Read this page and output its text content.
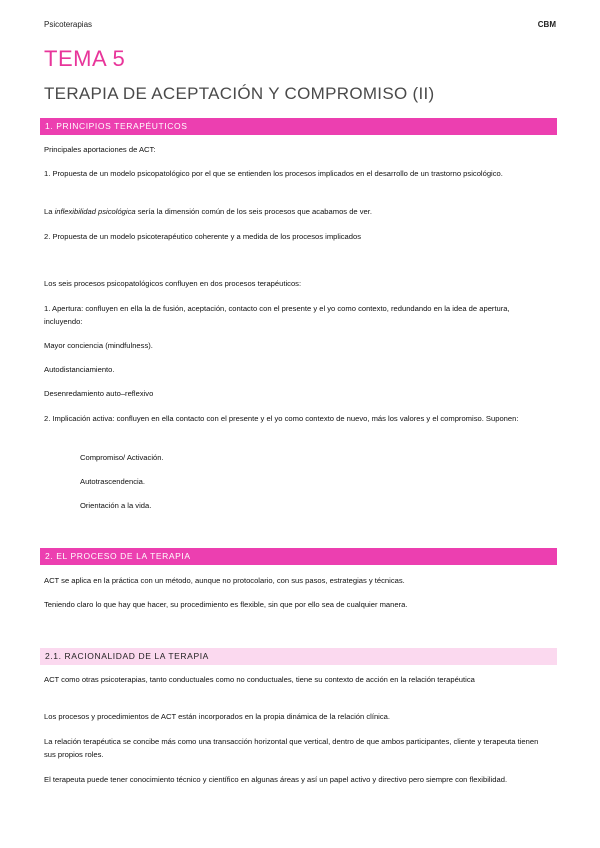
Psicoterapias	CBM
TEMA 5
TERAPIA DE ACEPTACIÓN Y COMPROMISO (II)
1. PRINCIPIOS TERAPÉUTICOS
Principales aportaciones de ACT:
1. Propuesta de un modelo psicopatológico por el que se entienden los procesos implicados en el desarrollo de un trastorno psicológico.
La inflexibilidad psicológica sería la dimensión común de los seis procesos que acabamos de ver.
2. Propuesta de un modelo psicoterapéutico coherente y a medida de los procesos implicados
Los seis procesos psicopatológicos confluyen en dos procesos terapéuticos:
1. Apertura: confluyen en ella la de fusión, aceptación, contacto con el presente y el yo como contexto, redundando en la idea de apertura, incluyendo:
Mayor conciencia (mindfulness).
Autodistanciamiento.
Desenredamiento auto–reflexivo
2. Implicación activa: confluyen en ella contacto con el presente y el yo como contexto de nuevo, más los valores y el compromiso. Suponen:
Compromiso/ Activación.
Autotrascendencia.
Orientación a la vida.
2. EL PROCESO DE LA TERAPIA
ACT se aplica en la práctica con un método, aunque no protocolario, con sus pasos, estrategias y técnicas.
Teniendo claro lo que hay que hacer, su procedimiento es flexible, sin que por ello sea de cualquier manera.
2.1. RACIONALIDAD DE LA TERAPIA
ACT como otras psicoterapias, tanto conductuales como no conductuales, tiene su contexto de acción en la relación terapéutica
Los procesos y procedimientos de ACT están incorporados en la propia dinámica de la relación clínica.
La relación terapéutica se concibe más como una transacción horizontal que vertical, dentro de que ambos participantes, cliente y terapeuta tienen sus propios roles.
El terapeuta puede tener conocimiento técnico y científico en algunas áreas y así un papel activo y directivo pero siempre con flexibilidad.
